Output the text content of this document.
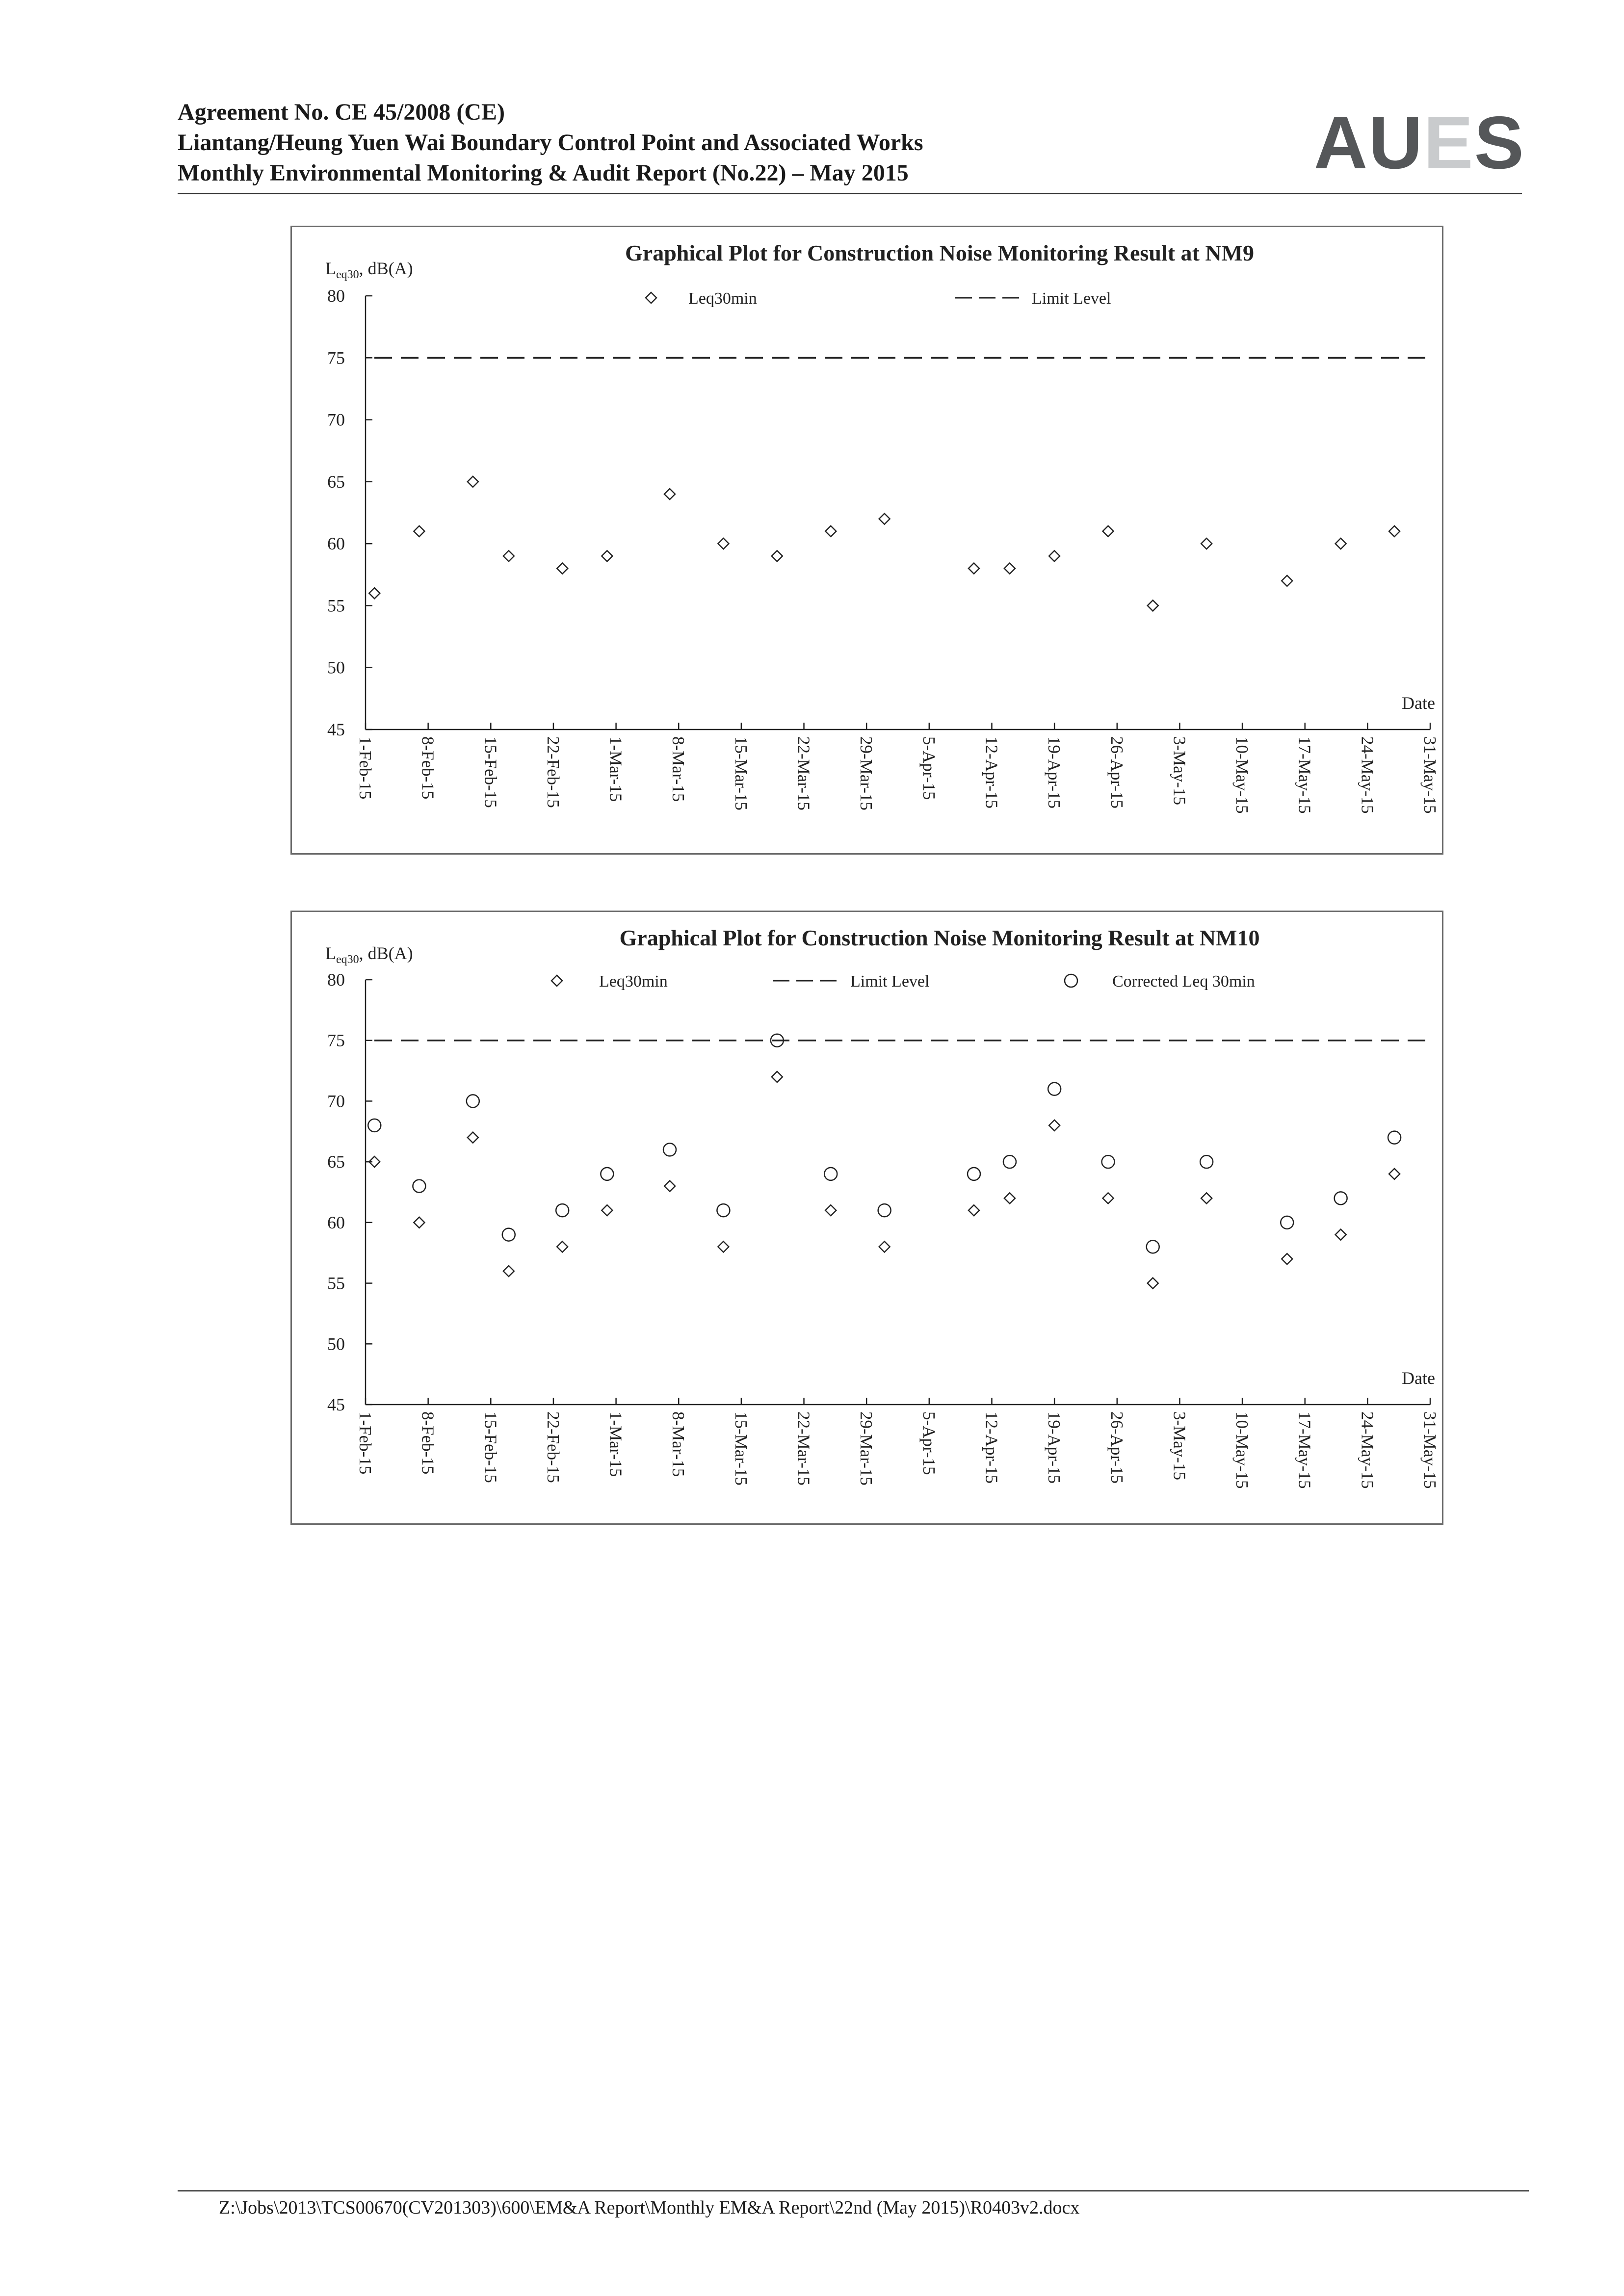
Agreement No. CE 45/2008 (CE)
Liantang/Heung Yuen Wai Boundary Control Point and Associated Works
Monthly Environmental Monitoring & Audit Report (No.22) – May 2015	AUES
Graphical Plot for Construction Noise Monitoring Result at NM9
$L_{eq30}$, dB(A)
45
50
55
60
65
70
75
80
1-Feb-15	8-Feb-15	15-Feb-15	22-Feb-15	1-Mar-15	8-Mar-15	15-Mar-15	22-Mar-15	29-Mar-15	5-Apr-15	12-Apr-15	19-Apr-15	26-Apr-15	3-May-15	10-May-15	17-May-15	24-May-15	31-May-15
Date
Leq30min	Limit Level
Graphical Plot for Construction Noise Monitoring Result at NM10
$L_{eq30}$, dB(A)
45
50
55
60
65
70
75
80
1-Feb-15	8-Feb-15	15-Feb-15	22-Feb-15	1-Mar-15	8-Mar-15	15-Mar-15	22-Mar-15	29-Mar-15	5-Apr-15	12-Apr-15	19-Apr-15	26-Apr-15	3-May-15	10-May-15	17-May-15	24-May-15	31-May-15
Date
Leq30min	Limit Level	Corrected Leq 30min
Z:\Jobs\2013\TCS00670(CV201303)\600\EM&A Report\Monthly EM&A Report\22nd (May 2015)\R0403v2.docx
